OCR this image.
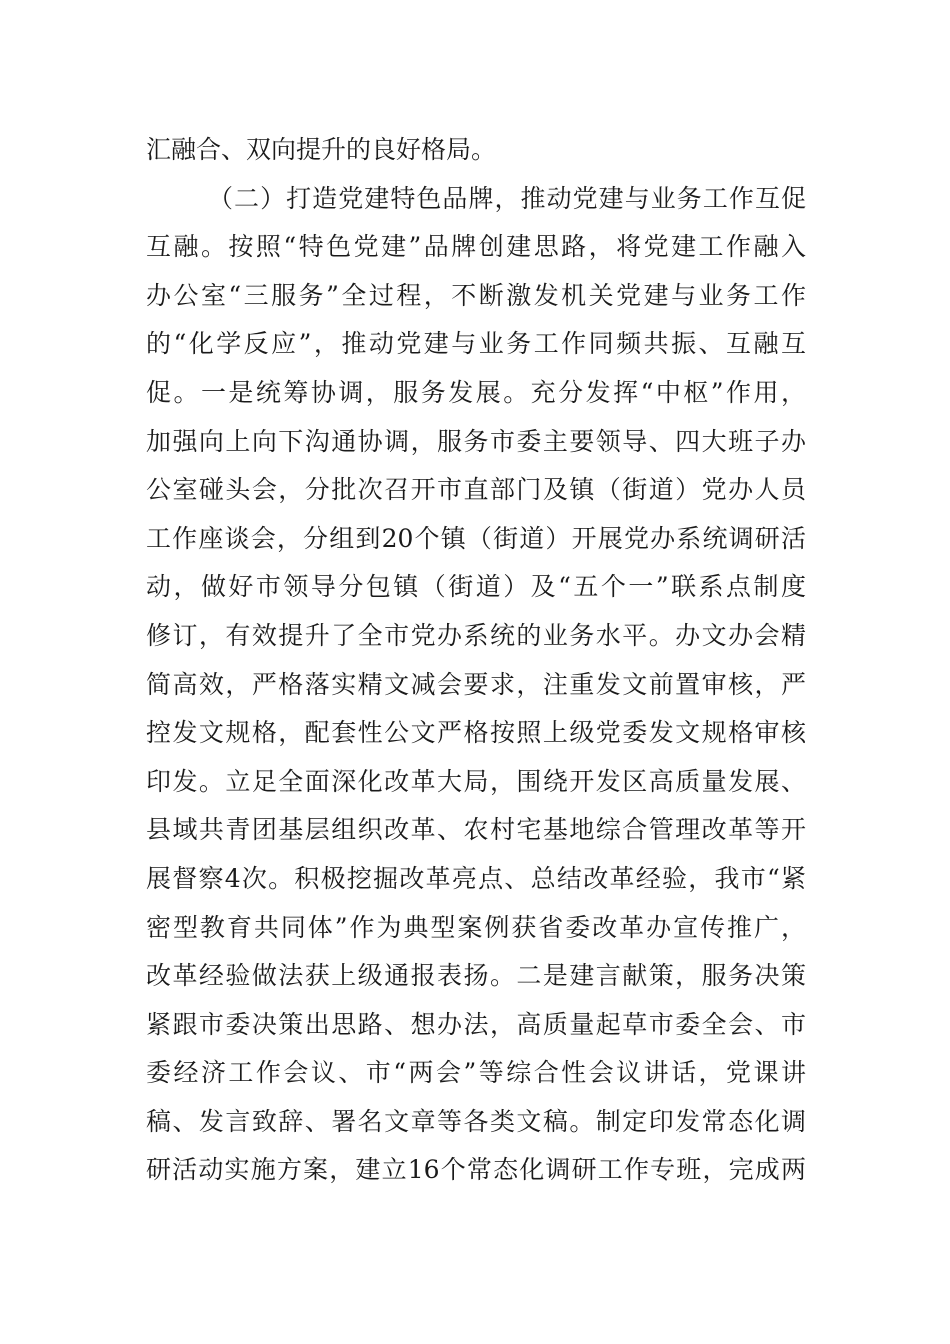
汇融合、双向提升的良好格局。
（二）打造党建特色品牌，推动党建与业务工作互促
互融。按照“特色党建”品牌创建思路，将党建工作融入
办公室“三服务”全过程，不断激发机关党建与业务工作
的“化学反应”，推动党建与业务工作同频共振、互融互
促。一是统筹协调，服务发展。充分发挥“中枢”作用，
加强向上向下沟通协调，服务市委主要领导、四大班子办
公室碰头会，分批次召开市直部门及镇（街道）党办人员
工作座谈会，分组到20个镇（街道）开展党办系统调研活
动，做好市领导分包镇（街道）及“五个一”联系点制度
修订，有效提升了全市党办系统的业务水平。办文办会精
简高效，严格落实精文减会要求，注重发文前置审核，严
控发文规格，配套性公文严格按照上级党委发文规格审核
印发。立足全面深化改革大局，围绕开发区高质量发展、
县域共青团基层组织改革、农村宅基地综合管理改革等开
展督察4次。积极挖掘改革亮点、总结改革经验，我市“紧
密型教育共同体”作为典型案例获省委改革办宣传推广，
改革经验做法获上级通报表扬。二是建言献策，服务决策
紧跟市委决策出思路、想办法，高质量起草市委全会、市
委经济工作会议、市“两会”等综合性会议讲话，党课讲
稿、发言致辞、署名文章等各类文稿。制定印发常态化调
研活动实施方案，建立16个常态化调研工作专班，完成两
